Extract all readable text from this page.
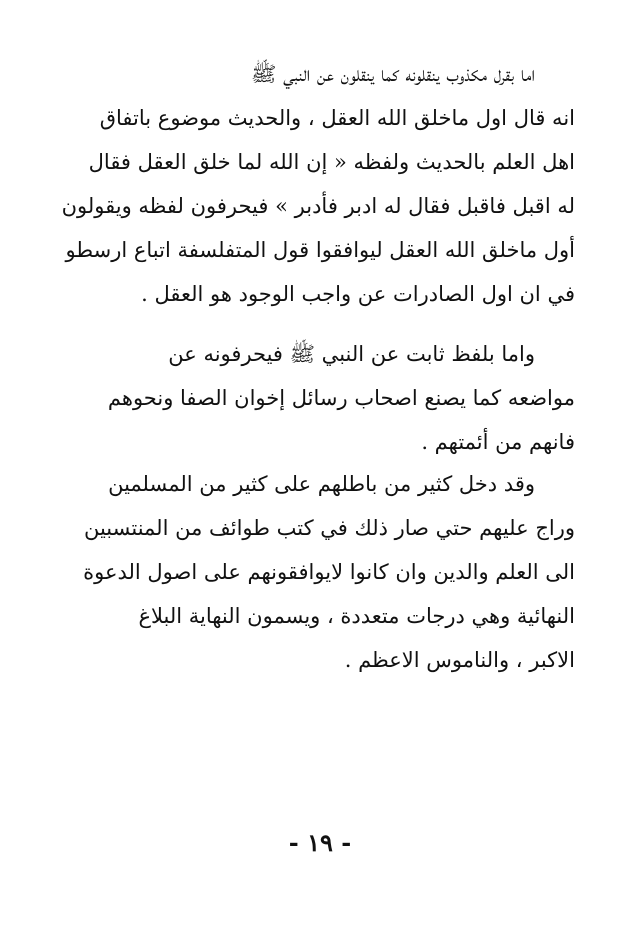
اما بقرل مكذوب ينقلونه كما ينقلون عن النبي ﷺ
انه قال اول ماخلق الله العقل ، والحديث موضوع باتفاق
اهل العلم بالحديث ولفظه « إن الله لما خلق العقل فقال
له اقبل فاقبل فقال له ادبر فأدبر » فيحرفون لفظه ويقولون
أول ماخلق الله العقل ليوافقوا قول المتفلسفة اتباع ارسطو
في ان اول الصادرات عن واجب الوجود هو العقل .
واما بلفظ ثابت عن النبي ﷺ فيحرفونه عن
مواضعه كما يصنع اصحاب رسائل إخوان الصفا ونحوهم
فانهم من أئمتهم .
وقد دخل كثير من باطلهم على كثير من المسلمين
وراج عليهم حتي صار ذلك في كتب طوائف من المنتسبين
الى العلم والدين وان كانوا لايوافقونهم على اصول الدعوة
النهائية وهي درجات متعددة ، ويسمون النهاية البلاغ
الاكبر ، والناموس الاعظم .
- ١٩ -
